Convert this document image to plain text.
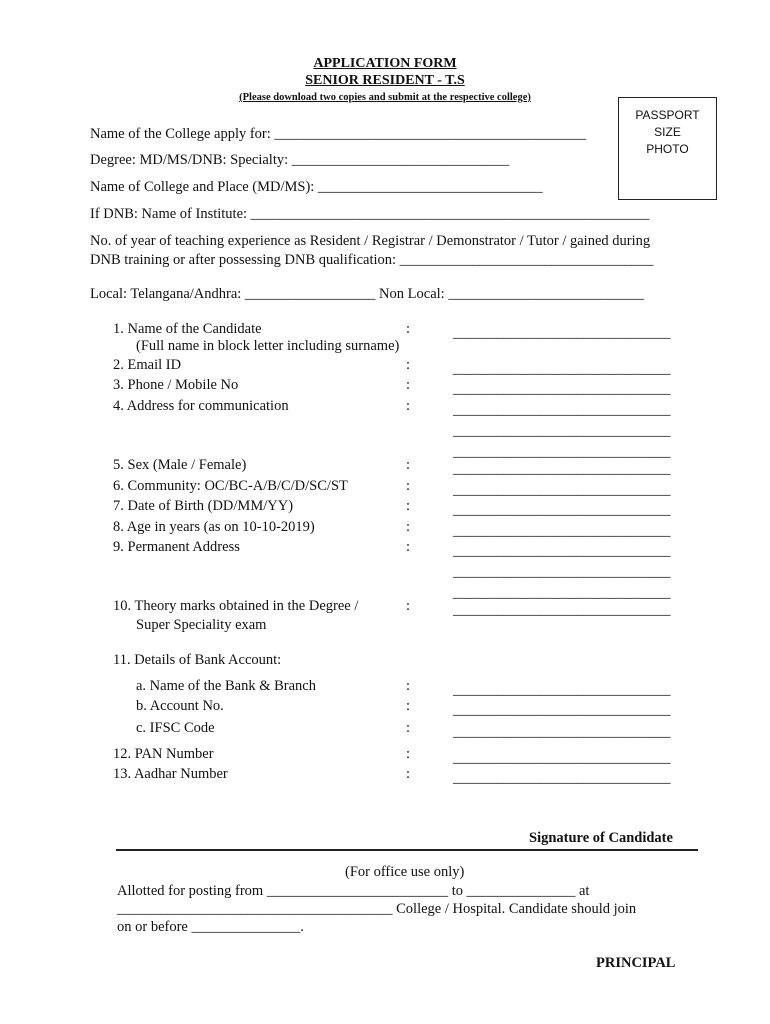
APPLICATION FORM
SENIOR RESIDENT - T.S
(Please download two copies and submit at the respective college)
PASSPORT
SIZE
PHOTO
Name of the College apply for: ___________________________________________
Degree: MD/MS/DNB: Specialty: ______________________________
Name of College and Place (MD/MS): _______________________________
If DNB: Name of Institute: _______________________________________________________
No. of year of teaching experience as Resident / Registrar / Demonstrator / Tutor / gained during
DNB training or after possessing DNB qualification: ___________________________________
Local: Telangana/Andhra: __________________ Non Local: ___________________________
1. Name of the Candidate	:	______________________________
(Full name in block letter including surname)
2. Email ID	:	______________________________
3. Phone / Mobile No	:	______________________________
4. Address for communication	:	______________________________
______________________________
______________________________
5. Sex (Male / Female)	:	______________________________
6. Community: OC/BC-A/B/C/D/SC/ST	:	______________________________
7. Date of Birth (DD/MM/YY)	:	______________________________
8. Age in years (as on 10-10-2019)	:	______________________________
9. Permanent Address	:	______________________________
______________________________
______________________________
10. Theory marks obtained in the Degree /	:	______________________________
Super Speciality exam
11. Details of Bank Account:
a. Name of the Bank & Branch	:	______________________________
b. Account No.	:	______________________________
c. IFSC Code	:	______________________________
12. PAN Number	:	______________________________
13. Aadhar Number	:	______________________________
Signature of Candidate
(For office use only)
Allotted for posting from _________________________ to _______________ at
______________________________________ College / Hospital. Candidate should join
on or before _______________.
PRINCIPAL
